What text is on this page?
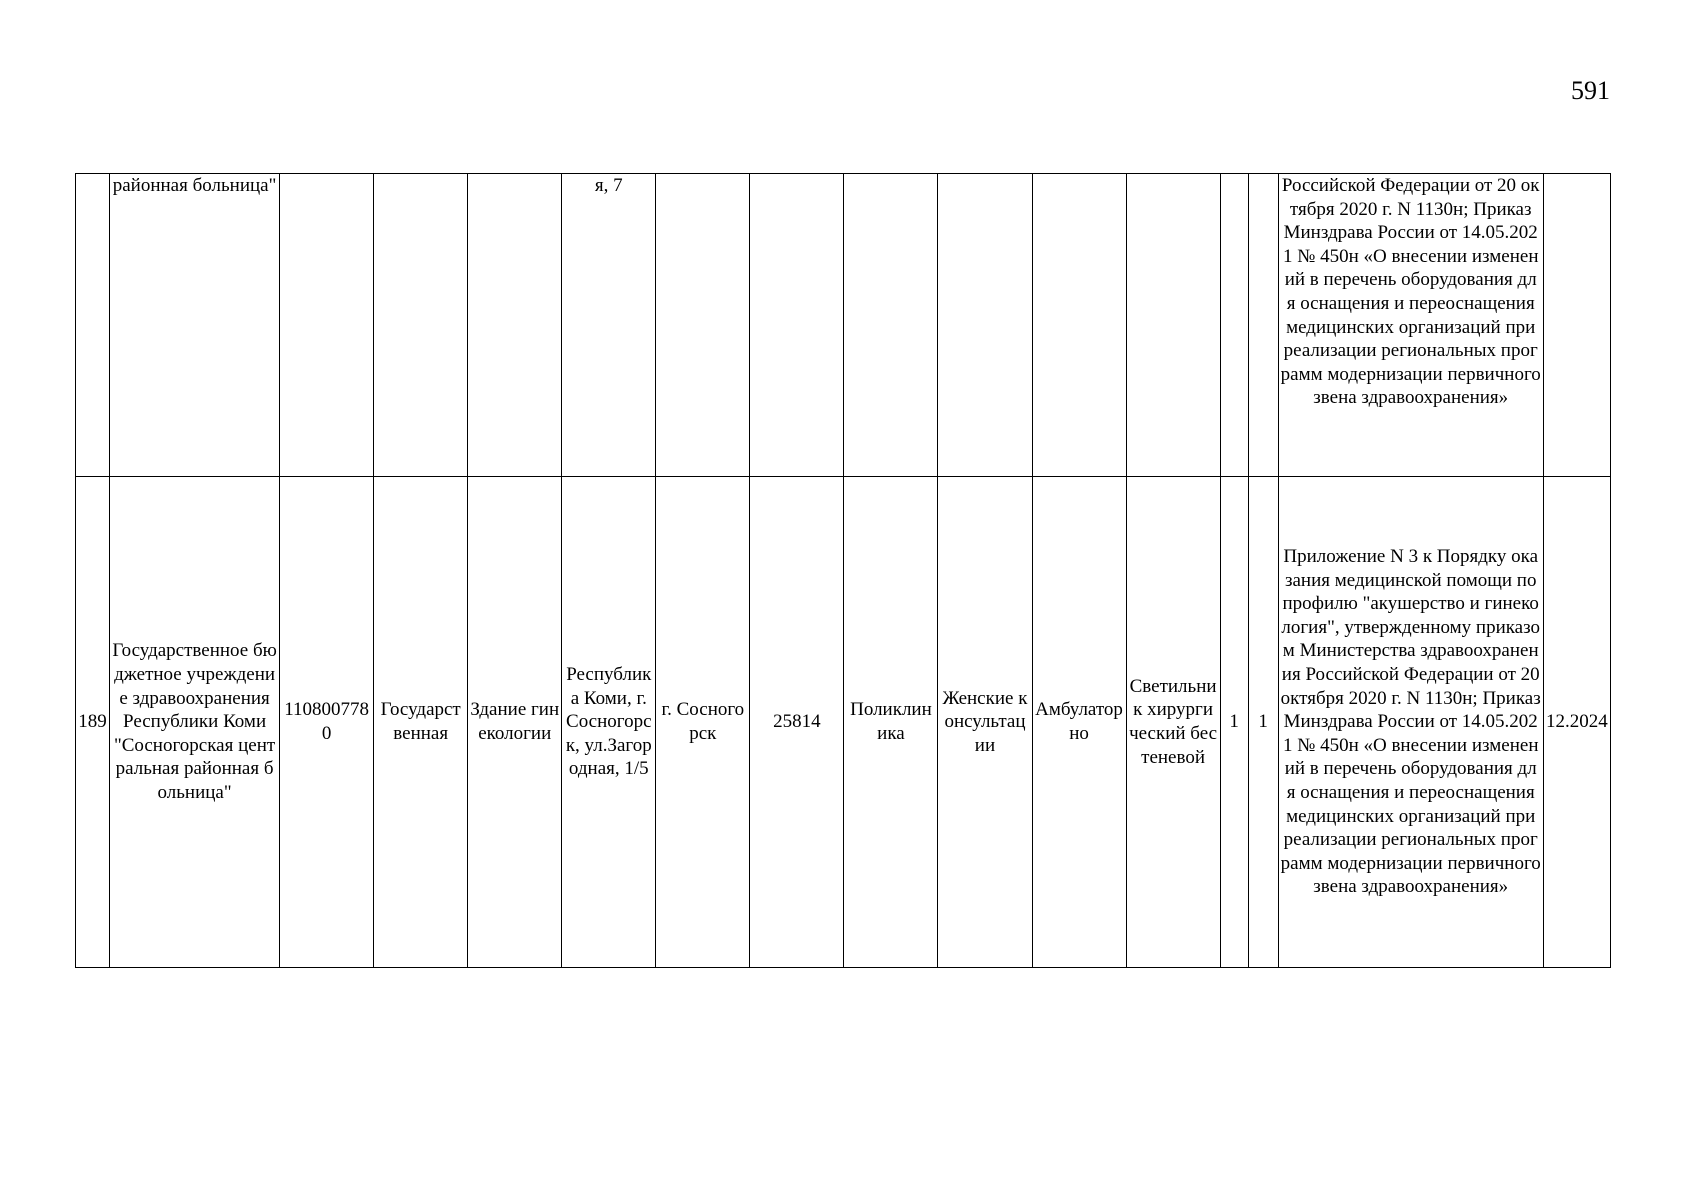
591
	районная больница"				я, 7									Российской Федерации от 20 октября 2020 г. N 1130н; Приказ Минздрава России от 14.05.2021 № 450н «О внесении изменений в перечень оборудования для оснащения и переоснащения медицинских организаций при реализации региональных программ модернизации первичного звена здравоохранения»	
189	Государственное бюджетное учреждение здравоохранения Республики Коми "Сосногорская центральная районная больница"	1108007780	Государственная	Здание гинекологии	Республика Коми, г. Сосногорск, ул.Загородная, 1/5	г. Сосногорск	25814	Поликлиника	Женские консультации	Амбулаторно	Светильник хирургический бестеневой	1	1	Приложение N 3 к Порядку оказания медицинской помощи по профилю "акушерство и гинекология", утвержденному приказом Министерства здравоохранения Российской Федерации от 20 октября 2020 г. N 1130н; Приказ Минздрава России от 14.05.2021 № 450н «О внесении изменений в перечень оборудования для оснащения и переоснащения медицинских организаций при реализации региональных программ модернизации первичного звена здравоохранения»	12.2024
